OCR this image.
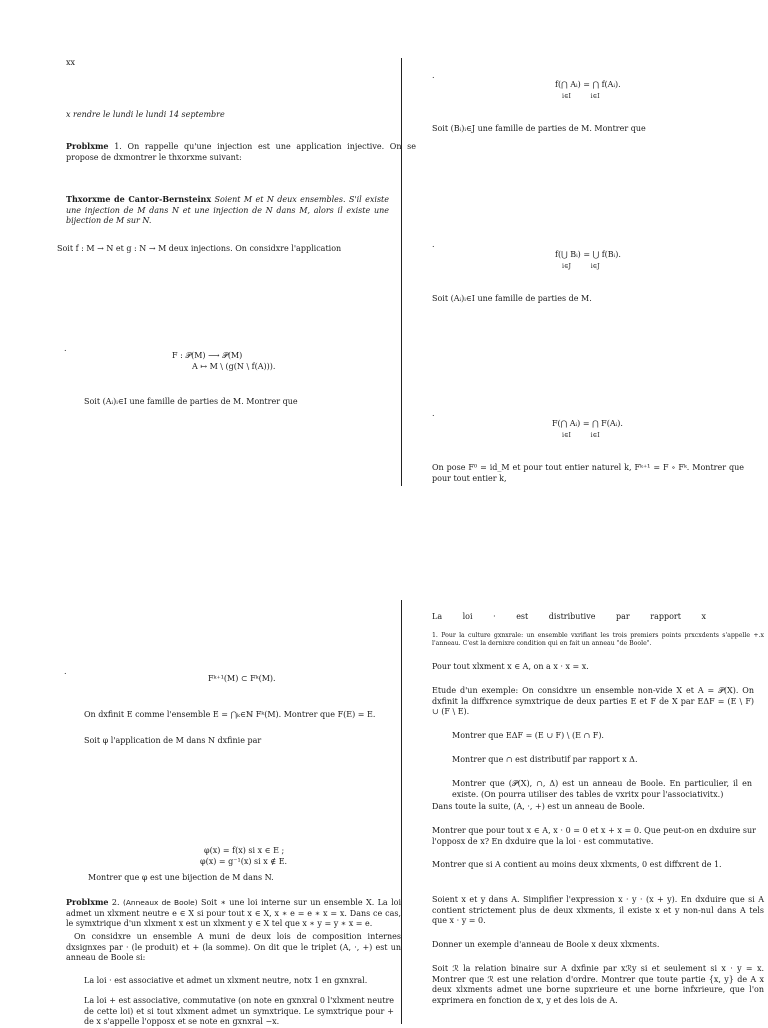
xx
x rendre le lundi le lundi 14 septembre
Problxme 1. On rappelle qu'une injection est une application injective. On se propose de dxmontrer le thxorxme suivant:
Thxorxme de Cantor-Bernsteinx Soient M et N deux ensembles. S'il existe une injection de M dans N et une injection de N dans M, alors il existe une bijection de M sur N.
Soit f : M → N et g : N → M deux injections. On considxre l'application
.
F : 𝒫(M) ⟶ 𝒫(M)
A ↦ M \ (g(N \ f(A))).
Soit (Aᵢ)ᵢ∈I une famille de parties de M. Montrer que
.
f(⋂ Aᵢ) = ⋂ f(Aᵢ).
i∈I          i∈I
Soit (Bᵢ)ᵢ∈J une famille de parties de M. Montrer que
.
f(⋃ Bᵢ) = ⋃ f(Bᵢ).
i∈J          i∈J
Soit (Aᵢ)ᵢ∈I une famille de parties de M.
.
F(⋂ Aᵢ) = ⋂ F(Aᵢ).
i∈I          i∈I
On pose F⁰ = id_M et pour tout entier naturel k, Fᵏ⁺¹ = F ∘ Fᵏ. Montrer que pour tout entier k,
.
Fᵏ⁺¹(M) ⊂ Fᵏ(M).
On dxfinit E comme l'ensemble E = ⋂ₖ∈ℕ Fᵏ(M). Montrer que F(E) = E.
Soit φ l'application de M dans N dxfinie par
φ(x) = f(x) si x ∈ E ;
φ(x) = g⁻¹(x) si x ∉ E.
Montrer que φ est une bijection de M dans N.
Problxme 2. (Anneaux de Boole) Soit ∗ une loi interne sur un ensemble X. La loi admet un xlxment neutre e ∈ X si pour tout x ∈ X, x ∗ e = e ∗ x = x. Dans ce cas, le symxtrique d'un xlxment x est un xlxment y ∈ X tel que x ∗ y = y ∗ x = e.
On considxre un ensemble A muni de deux lois de composition internes dxsignxes par · (le produit) et + (la somme). On dit que le triplet (A, ·, +) est un anneau de Boole si:
La loi · est associative et admet un xlxment neutre, notx 1 en gxnxral.
La loi + est associative, commutative (on note en gxnxral 0 l'xlxment neutre de cette loi) et si tout xlxment admet un symxtrique. Le symxtrique pour + de x s'appelle l'opposx et se note en gxnxral −x.
La loi · est distributive par rapport x
1. Pour la culture gxnxrale: un ensemble vxrifiant les trois premiers points prxcxdents s'appelle +.x l'anneau. C'est la dernixre condition qui en fait un anneau "de Boole".
Pour tout xlxment x ∈ A, on a x · x = x.
Etude d'un exemple: On considxre un ensemble non-vide X et A = 𝒫(X). On dxfinit la diffxrence symxtrique de deux parties E et F de X par EΔF = (E \ F) ∪ (F \ E).
Montrer que EΔF = (E ∪ F) \ (E ∩ F).
Montrer que ∩ est distributif par rapport x Δ.
Montrer que (𝒫(X), ∩, Δ) est un anneau de Boole. En particulier, il en existe. (On pourra utiliser des tables de vxritx pour l'associativitx.)
Dans toute la suite, (A, ·, +) est un anneau de Boole.
Montrer que pour tout x ∈ A, x · 0 = 0 et x + x = 0. Que peut-on en dxduire sur l'opposx de x? En dxduire que la loi · est commutative.
Montrer que si A contient au moins deux xlxments, 0 est diffxrent de 1.
Soient x et y dans A. Simplifier l'expression x · y · (x + y). En dxduire que si A contient strictement plus de deux xlxments, il existe x et y non-nul dans A tels que x · y = 0.
Donner un exemple d'anneau de Boole x deux xlxments.
Soit ℛ la relation binaire sur A dxfinie par xℛy si et seulement si x · y = x. Montrer que ℛ est une relation d'ordre. Montrer que toute partie {x, y} de A x deux xlxments admet une borne supxrieure et une borne infxrieure, que l'on exprimera en fonction de x, y et des lois de A.
